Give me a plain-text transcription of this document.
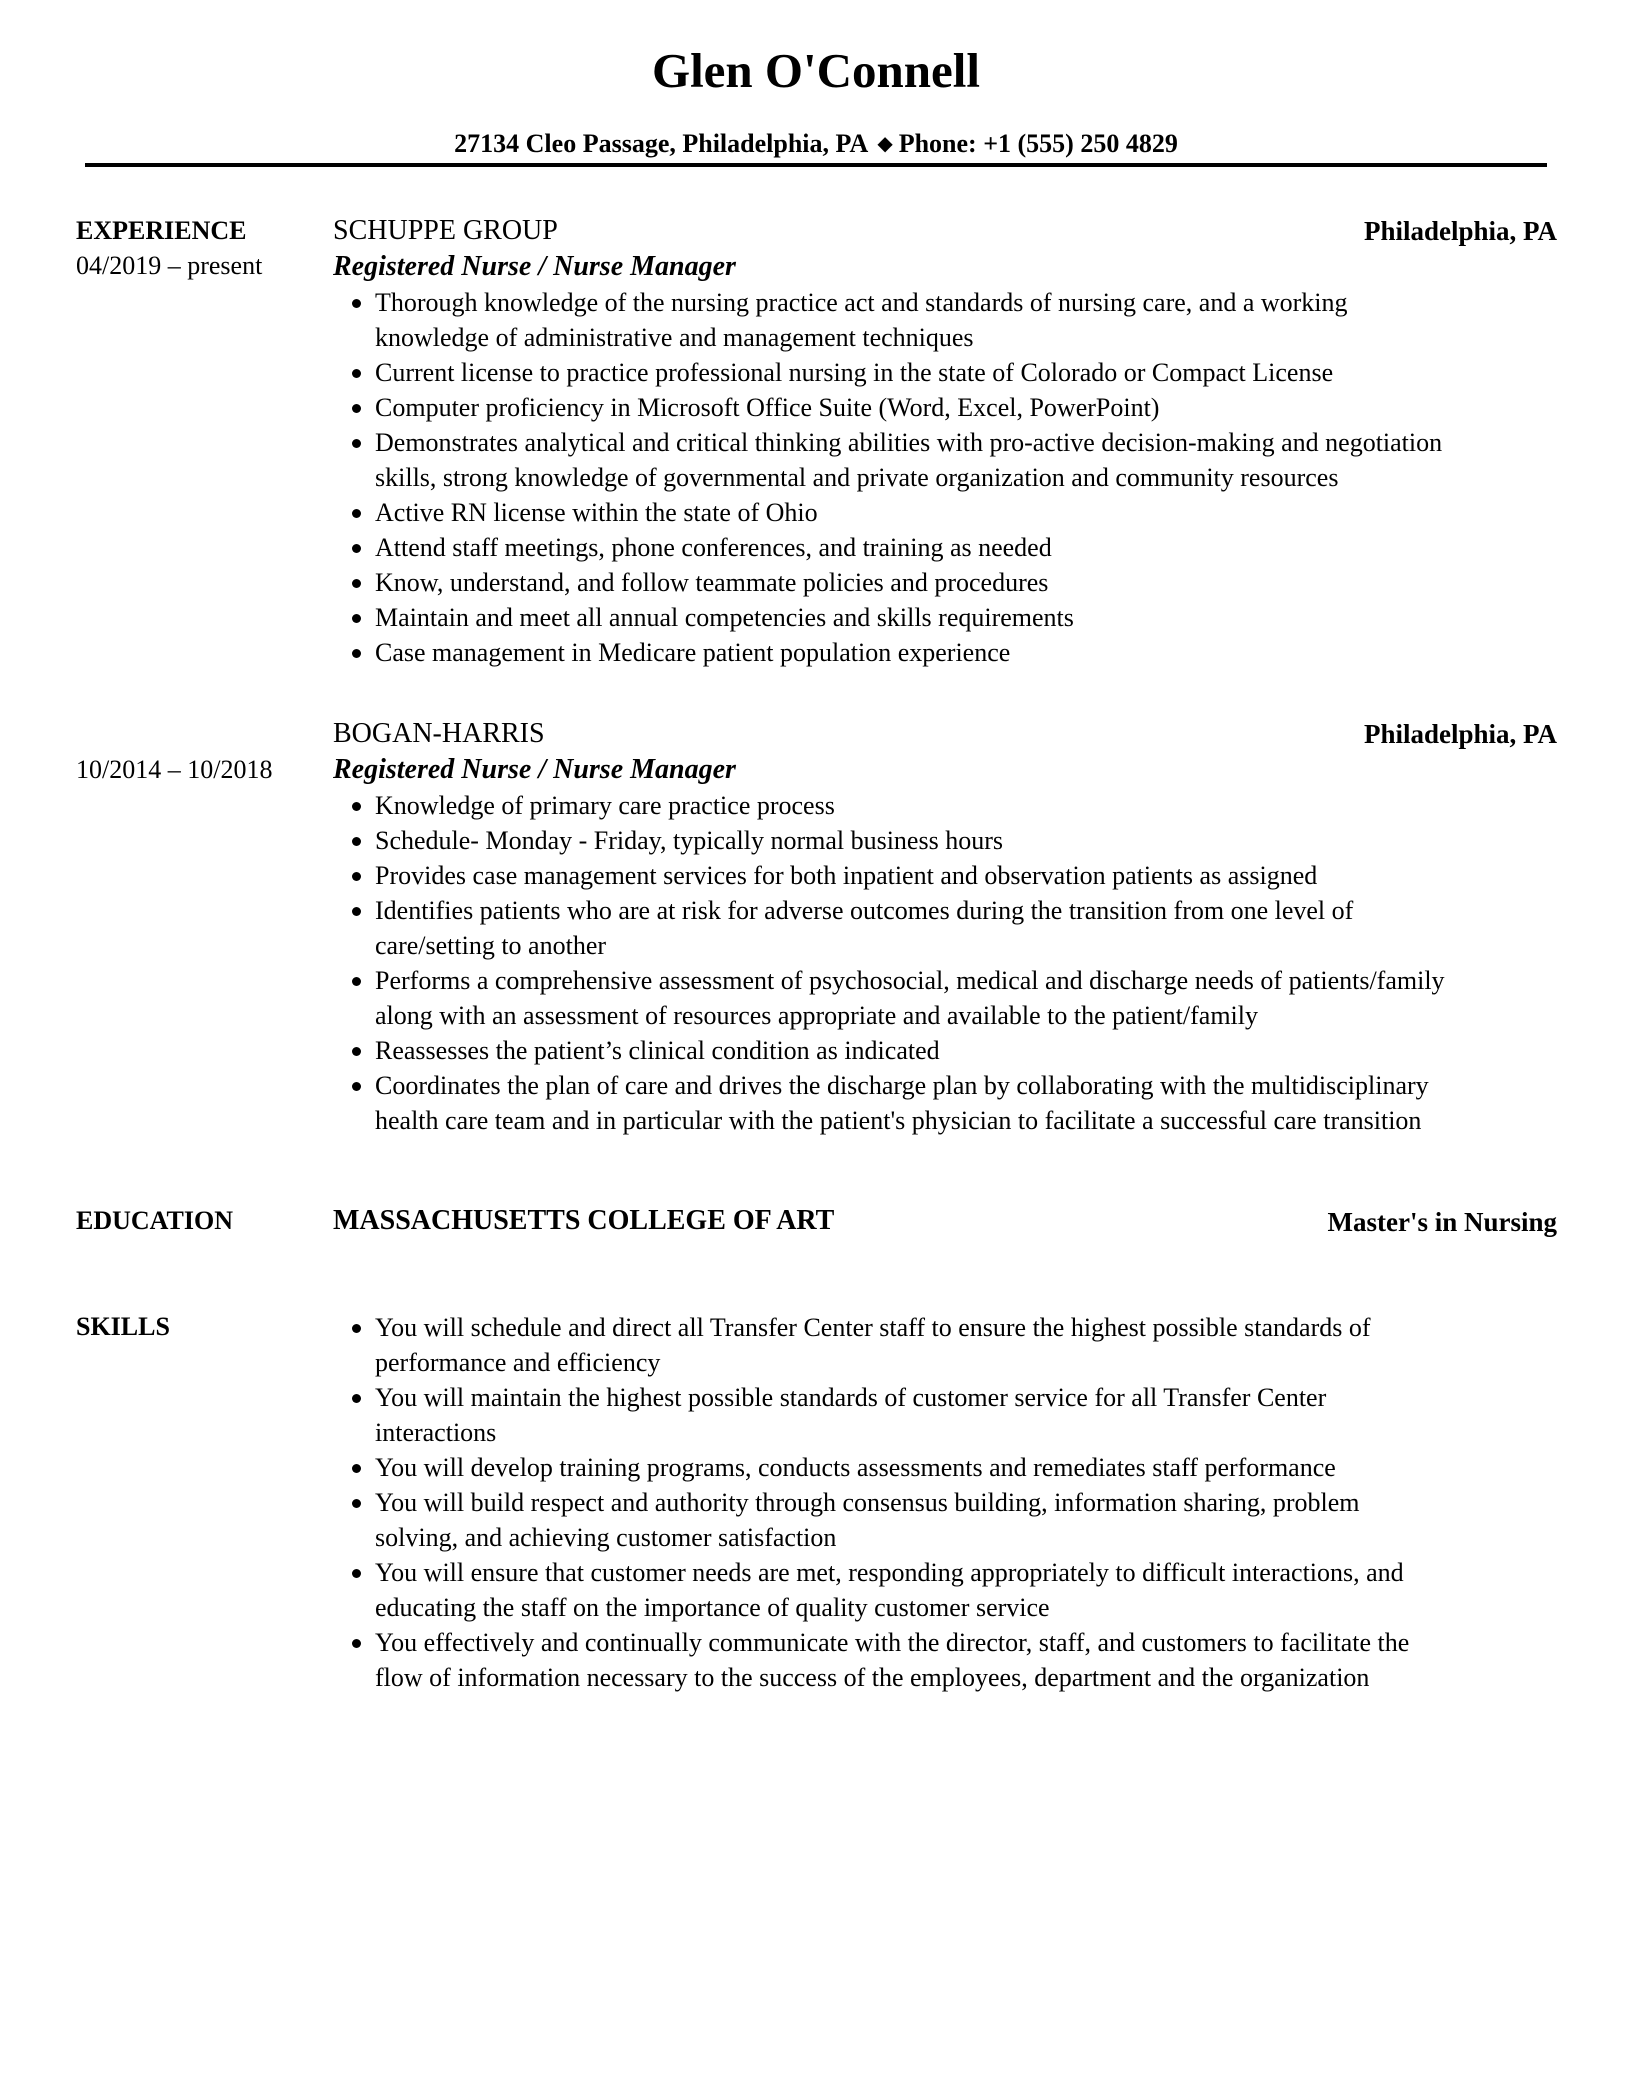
Glen O'Connell
27134 Cleo Passage, Philadelphia, PA ◆ Phone: +1 (555) 250 4829
EXPERIENCE
04/2019 – present
SCHUPPE GROUP	Philadelphia, PA
Registered Nurse / Nurse Manager
Thorough knowledge of the nursing practice act and standards of nursing care, and a working
knowledge of administrative and management techniques
Current license to practice professional nursing in the state of Colorado or Compact License
Computer proficiency in Microsoft Office Suite (Word, Excel, PowerPoint)
Demonstrates analytical and critical thinking abilities with pro-active decision-making and negotiation
skills, strong knowledge of governmental and private organization and community resources
Active RN license within the state of Ohio
Attend staff meetings, phone conferences, and training as needed
Know, understand, and follow teammate policies and procedures
Maintain and meet all annual competencies and skills requirements
Case management in Medicare patient population experience
BOGAN-HARRIS	Philadelphia, PA
10/2014 – 10/2018 Registered Nurse / Nurse Manager
Knowledge of primary care practice process
Schedule- Monday - Friday, typically normal business hours
Provides case management services for both inpatient and observation patients as assigned
Identifies patients who are at risk for adverse outcomes during the transition from one level of
care/setting to another
Performs a comprehensive assessment of psychosocial, medical and discharge needs of patients/family
along with an assessment of resources appropriate and available to the patient/family
Reassesses the patient’s clinical condition as indicated
Coordinates the plan of care and drives the discharge plan by collaborating with the multidisciplinary
health care team and in particular with the patient's physician to facilitate a successful care transition
EDUCATION	MASSACHUSETTS COLLEGE OF ART	Master's in Nursing
SKILLS	You will schedule and direct all Transfer Center staff to ensure the highest possible standards of
performance and efficiency
You will maintain the highest possible standards of customer service for all Transfer Center
interactions
You will develop training programs, conducts assessments and remediates staff performance
You will build respect and authority through consensus building, information sharing, problem
solving, and achieving customer satisfaction
You will ensure that customer needs are met, responding appropriately to difficult interactions, and
educating the staff on the importance of quality customer service
You effectively and continually communicate with the director, staff, and customers to facilitate the
flow of information necessary to the success of the employees, department and the organization
